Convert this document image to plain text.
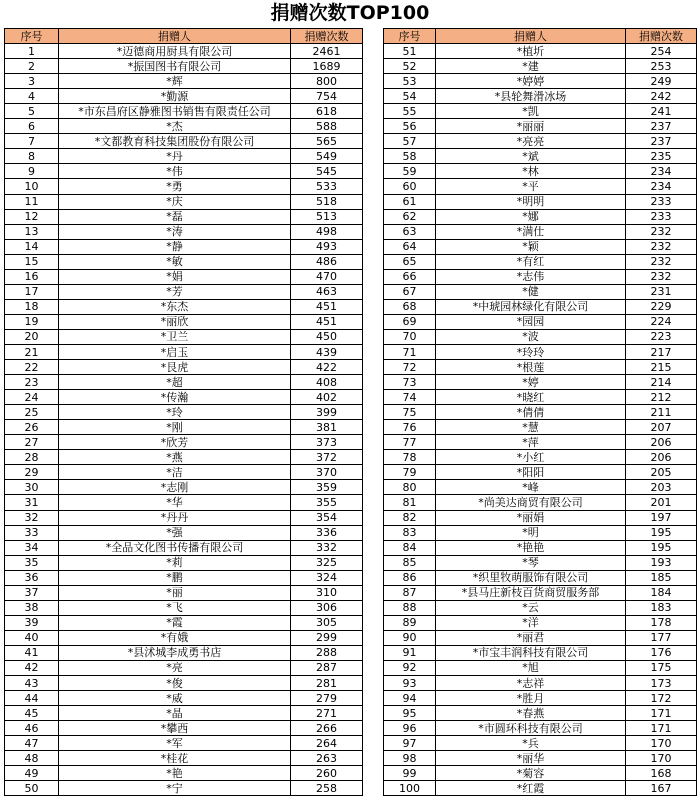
捐赠次数TOP100
序号	捐赠人	捐赠次数
1	*迈德商用厨具有限公司	2461
2	*振国图书有限公司	1689
3	*辉	800
4	*勤源	754
5	*市东昌府区静雅图书销售有限责任公司	618
6	*杰	588
7	*文都教育科技集团股份有限公司	565
8	*丹	549
9	*伟	545
10	*勇	533
11	*庆	518
12	*磊	513
13	*涛	498
14	*静	493
15	*敏	486
16	*娟	470
17	*芳	463
18	*东杰	451
19	*丽欣	451
20	*卫兰	450
21	*启玉	439
22	*艮虎	422
23	*超	408
24	*传瀚	402
25	*玲	399
26	*刚	381
27	*欣芳	373
28	*燕	372
29	*洁	370
30	*志刚	359
31	*华	355
32	*丹丹	354
33	*强	336
34	*全品文化图书传播有限公司	332
35	*莉	325
36	*鹏	324
37	*丽	310
38	*飞	306
39	*霞	305
40	*有娥	299
41	*县沭城李成勇书店	288
42	*亮	287
43	*俊	281
44	*威	279
45	*晶	271
46	*攀西	266
47	*军	264
48	*桂花	263
49	*艳	260
50	*宁	258
序号	捐赠人	捐赠次数
51	*植圻	254
52	*建	253
53	*婷婷	249
54	*县轮舞滑冰场	242
55	*凯	241
56	*丽丽	237
57	*亮亮	237
58	*斌	235
59	*林	234
60	*平	234
61	*明明	233
62	*娜	233
63	*满仕	232
64	*颖	232
65	*有红	232
66	*志伟	232
67	*健	231
68	*中琥园林绿化有限公司	229
69	*园园	224
70	*波	223
71	*玲玲	217
72	*根莲	215
73	*婷	214
74	*晓红	212
75	*倩倩	211
76	*慧	207
77	*萍	206
78	*小红	206
79	*阳阳	205
80	*峰	203
81	*尚美达商贸有限公司	201
82	*丽娟	197
83	*明	195
84	*艳艳	195
85	*琴	193
86	*织里牧萌服饰有限公司	185
87	*县马庄新枝百货商贸服务部	184
88	*云	183
89	*洋	178
90	*丽君	177
91	*市宝丰润科技有限公司	176
92	*旭	175
93	*志祥	173
94	*胜月	172
95	*春燕	171
96	*市圆环科技有限公司	171
97	*兵	170
98	*丽华	170
99	*菊容	168
100	*红霞	167
